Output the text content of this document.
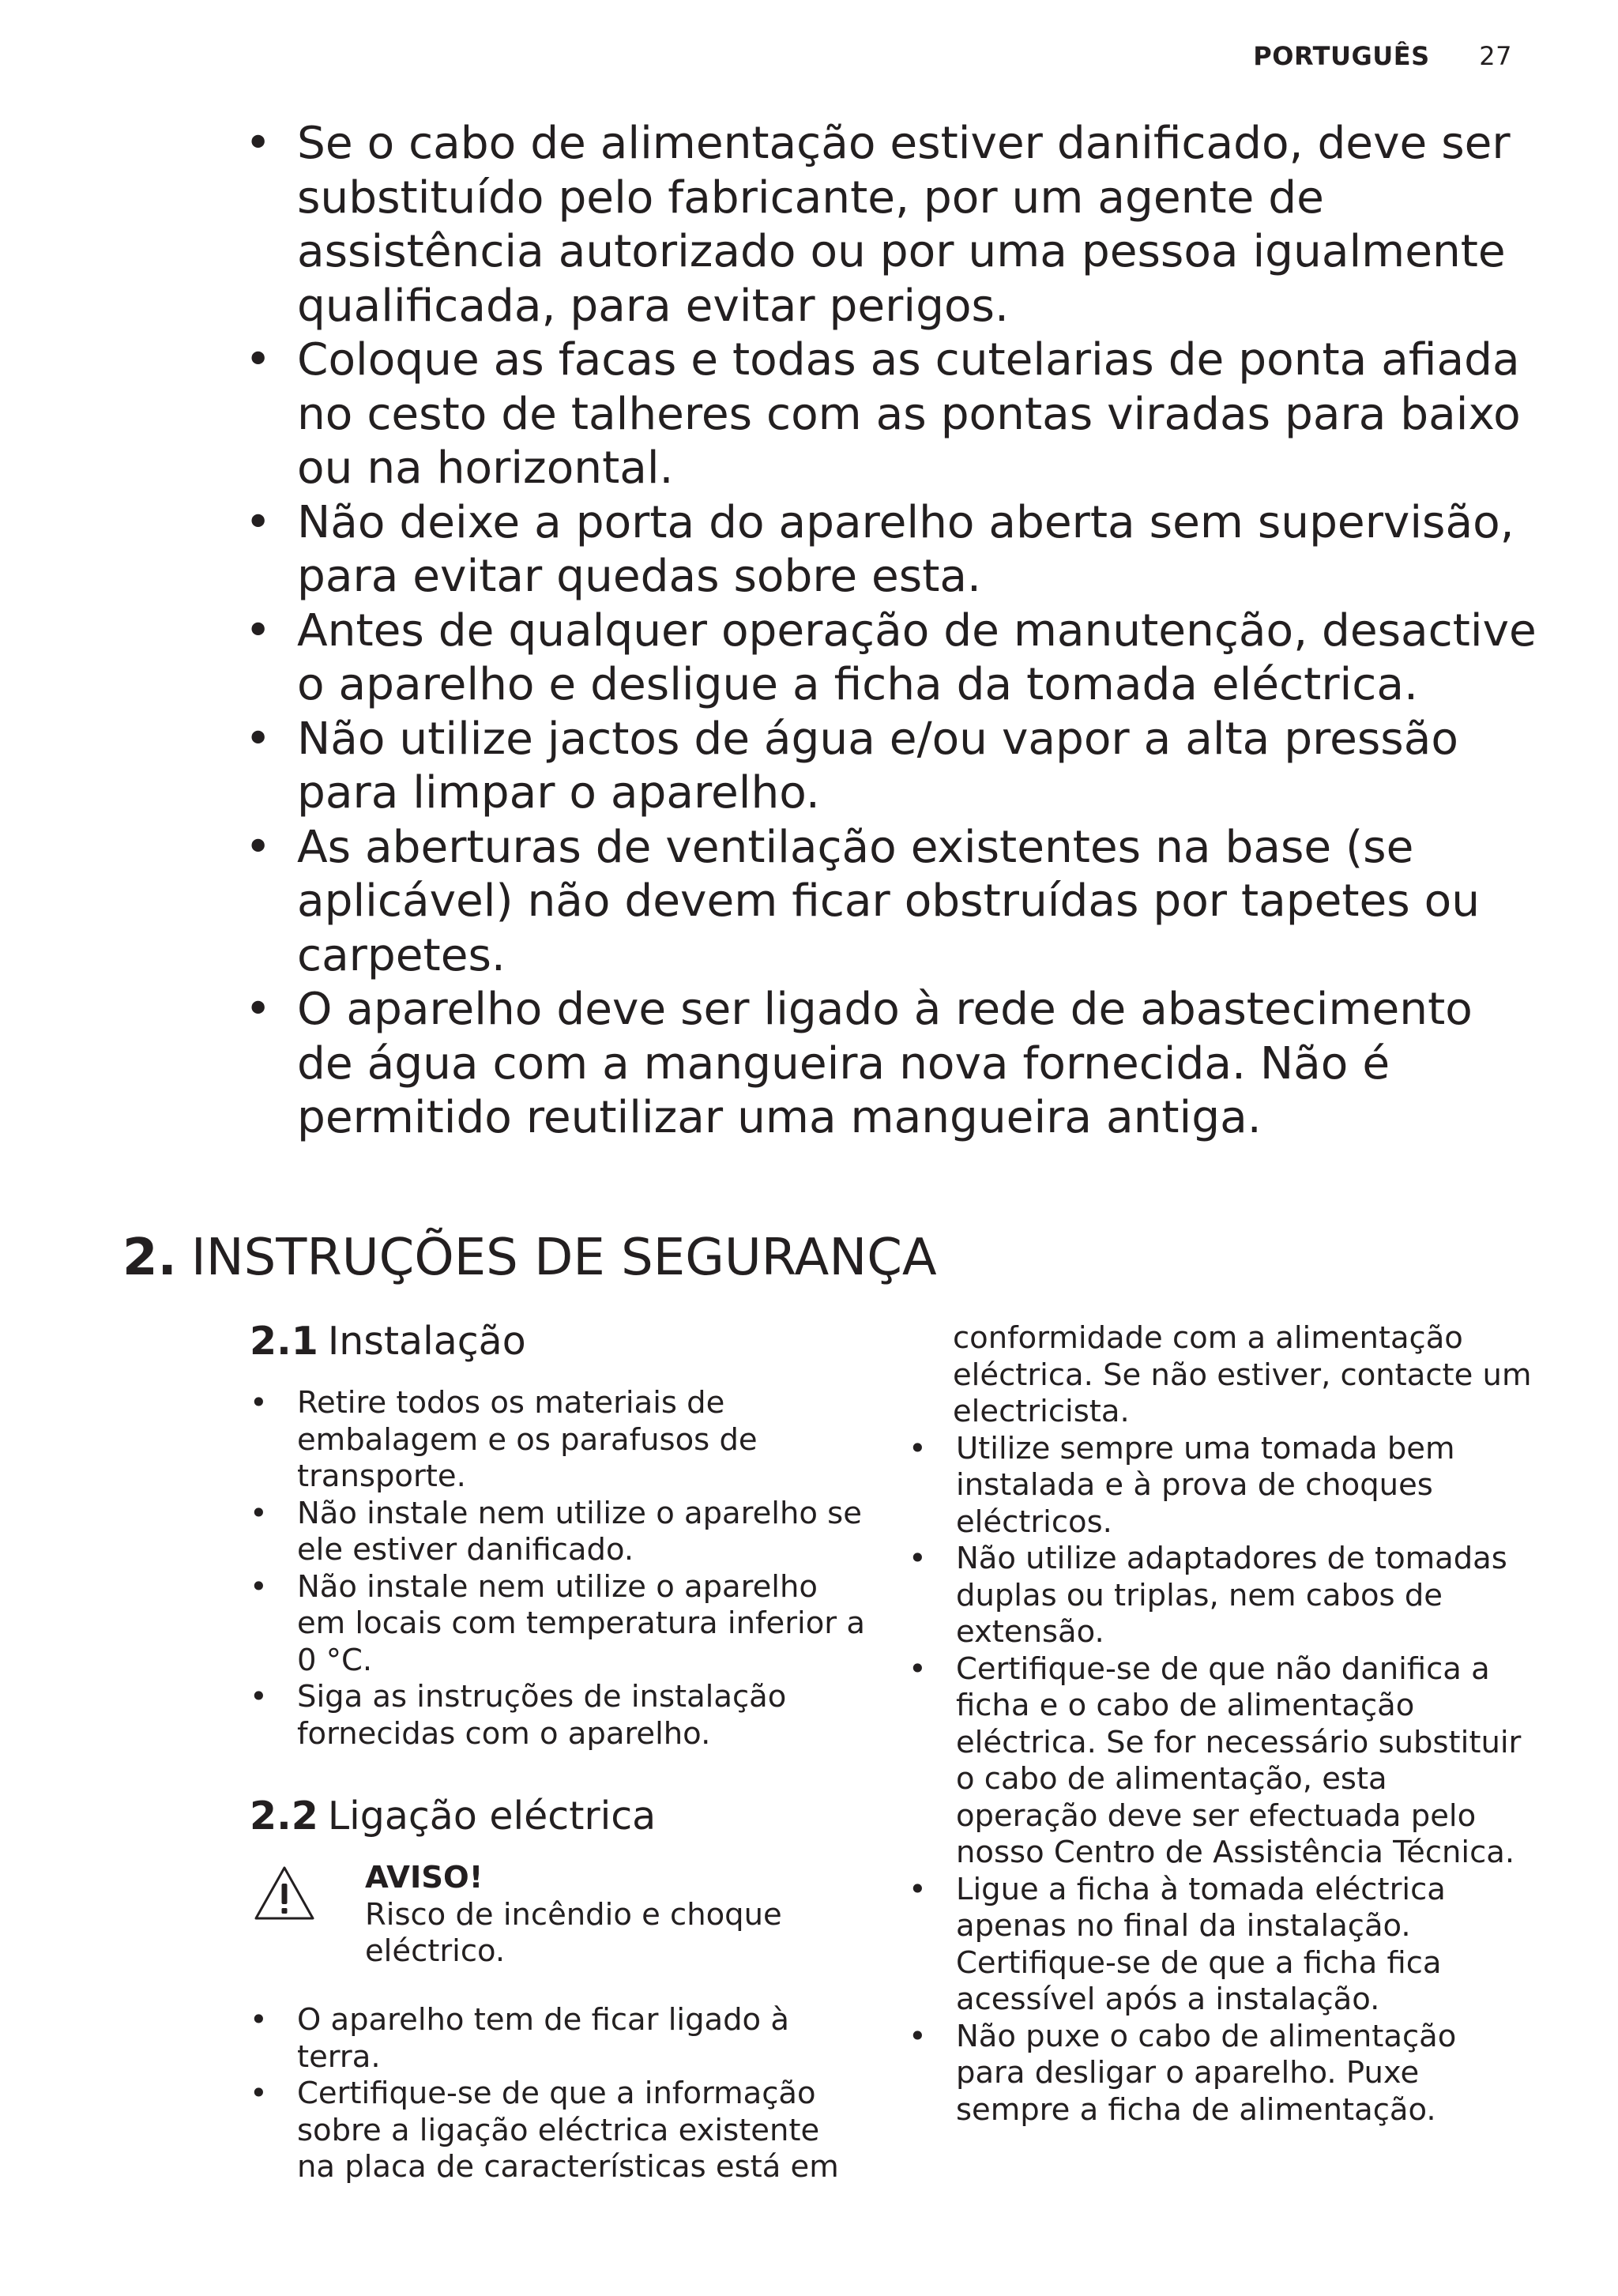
PORTUGUÊS 27
• Se o cabo de alimentação estiver danificado, deve ser substituído pelo fabricante, por um agente de assistência autorizado ou por uma pessoa igualmente qualificada, para evitar perigos.
• Coloque as facas e todas as cutelarias de ponta afiada no cesto de talheres com as pontas viradas para baixo ou na horizontal.
• Não deixe a porta do aparelho aberta sem supervisão, para evitar quedas sobre esta.
• Antes de qualquer operação de manutenção, desactive o aparelho e desligue a ficha da tomada eléctrica.
• Não utilize jactos de água e/ou vapor a alta pressão para limpar o aparelho.
• As aberturas de ventilação existentes na base (se aplicável) não devem ficar obstruídas por tapetes ou carpetes.
• O aparelho deve ser ligado à rede de abastecimento de água com a mangueira nova fornecida. Não é permitido reutilizar uma mangueira antiga.
2. INSTRUÇÕES DE SEGURANÇA
2.1 Instalação
• Retire todos os materiais de embalagem e os parafusos de transporte.
• Não instale nem utilize o aparelho se ele estiver danificado.
• Não instale nem utilize o aparelho em locais com temperatura inferior a 0 °C.
• Siga as instruções de instalação fornecidas com o aparelho.
2.2 Ligação eléctrica
AVISO!
Risco de incêndio e choque eléctrico.
• O aparelho tem de ficar ligado à terra.
• Certifique-se de que a informação sobre a ligação eléctrica existente na placa de características está em

conformidade com a alimentação eléctrica. Se não estiver, contacte um electricista.

• Utilize sempre uma tomada bem instalada e à prova de choques eléctricos.
• Não utilize adaptadores de tomadas duplas ou triplas, nem cabos de extensão.
• Certifique-se de que não danifica a ficha e o cabo de alimentação eléctrica. Se for necessário substituir o cabo de alimentação, esta operação deve ser efectuada pelo nosso Centro de Assistência Técnica.
• Ligue a ficha à tomada eléctrica apenas no final da instalação. Certifique-se de que a ficha fica acessível após a instalação.
• Não puxe o cabo de alimentação para desligar o aparelho. Puxe sempre a ficha de alimentação.
